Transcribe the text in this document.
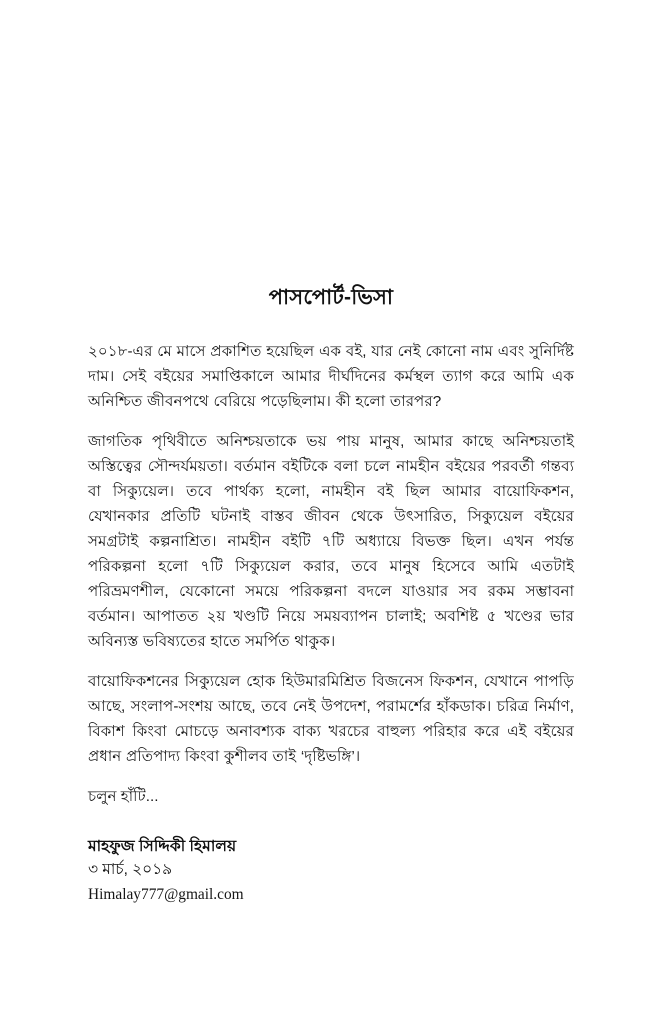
পাসপোর্ট-ভিসা

২০১৮-এর মে মাসে প্রকাশিত হয়েছিল এক বই, যার নেই কোনো নাম এবং সুনির্দিষ্ট দাম। সেই বইয়ের সমাপ্তিকালে আমার দীর্ঘদিনের কর্মস্থল ত্যাগ করে আমি এক অনিশ্চিত জীবনপথে বেরিয়ে পড়েছিলাম। কী হলো তারপর?

জাগতিক পৃথিবীতে অনিশ্চয়তাকে ভয় পায় মানুষ, আমার কাছে অনিশ্চয়তাই অস্তিত্বের সৌন্দর্যময়তা। বর্তমান বইটিকে বলা চলে নামহীন বইয়ের পরবর্তী গন্তব্য বা সিক্যুয়েল। তবে পার্থক্য হলো, নামহীন বই ছিল আমার বায়োফিকশন, যেখানকার প্রতিটি ঘটনাই বাস্তব জীবন থেকে উৎসারিত, সিক্যুয়েল বইয়ের সমগ্রটাই কল্পনাশ্রিত। নামহীন বইটি ৭টি অধ্যায়ে বিভক্ত ছিল। এখন পর্যন্ত পরিকল্পনা হলো ৭টি সিক্যুয়েল করার, তবে মানুষ হিসেবে আমি এতটাই পরিভ্রমণশীল, যেকোনো সময়ে পরিকল্পনা বদলে যাওয়ার সব রকম সম্ভাবনা বর্তমান। আপাতত ২য় খণ্ডটি নিয়ে সময়ব্যাপন চালাই; অবশিষ্ট ৫ খণ্ডের ভার অবিন্যস্ত ভবিষ্যতের হাতে সমর্পিত থাকুক।

বায়োফিকশনের সিক্যুয়েল হোক হিউমারমিশ্রিত বিজনেস ফিকশন, যেখানে পাপড়ি আছে, সংলাপ-সংশয় আছে, তবে নেই উপদেশ, পরামর্শের হাঁকডাক। চরিত্র নির্মাণ, বিকাশ কিংবা মোচড়ে অনাবশ্যক বাক্য খরচের বাহুল্য পরিহার করে এই বইয়ের প্রধান প্রতিপাদ্য কিংবা কুশীলব তাই ‘দৃষ্টিভঙ্গি’।

চলুন হাঁটি...

মাহফুজ সিদ্দিকী হিমালয়

৩ মার্চ, ২০১৯

Himalay777@gmail.com
